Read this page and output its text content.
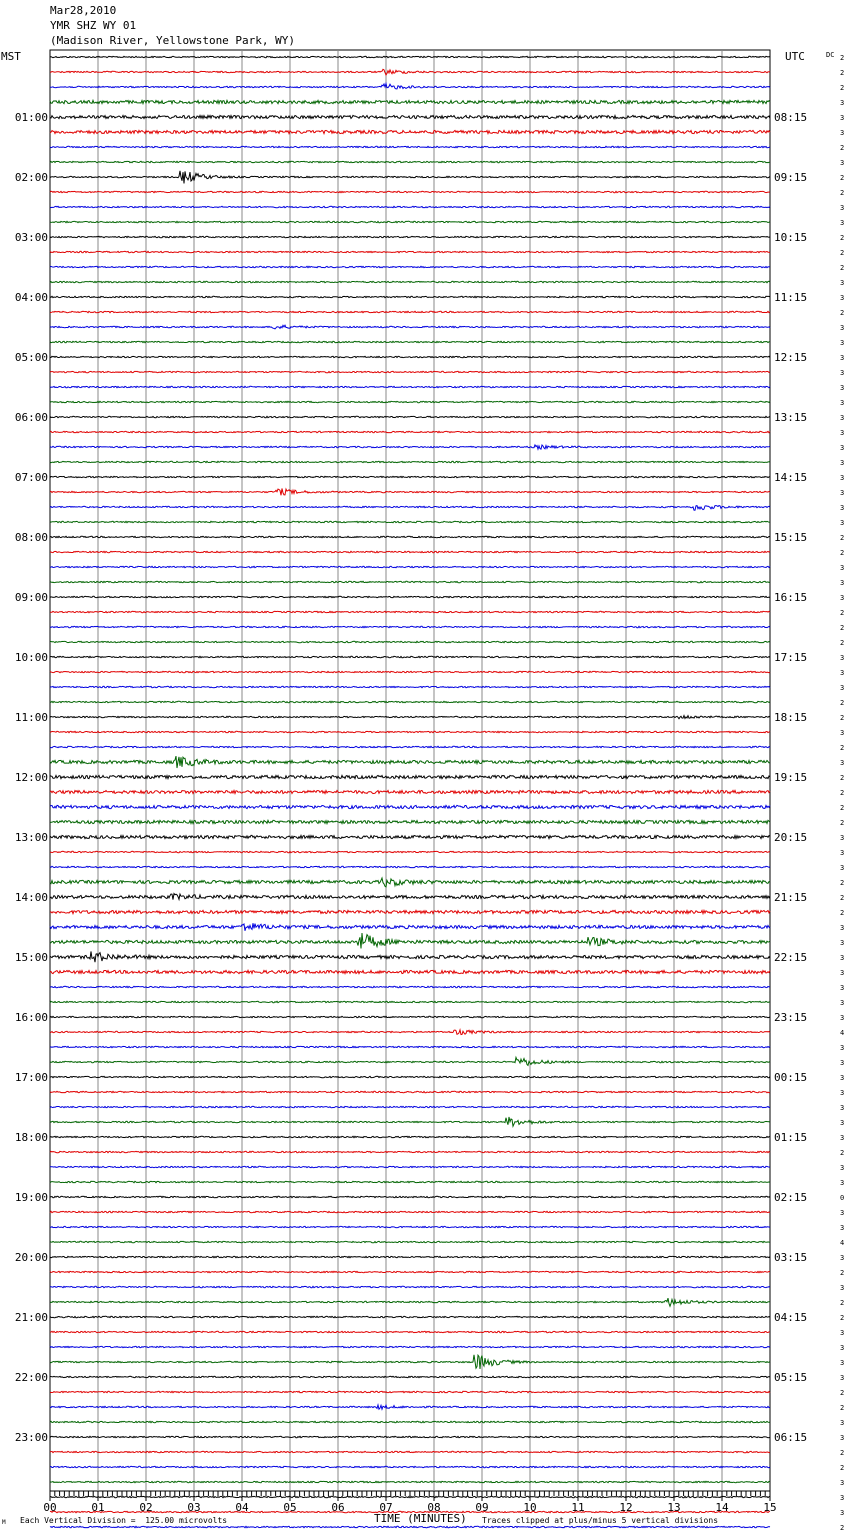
Mar28,2010
YMR SHZ WY 01
(Madison River, Yellowstone Park, WY)
MST	UTC	DC 2
2
2
3
3
3
2
3
2
2
3
3
2
2
2
3
3
2
3
3
3
3
3
3
3
3
3
3
3
3
3
3
2
2
3
3
3
2
2
2
3
3
3
2
2
3
2
3
2
2
2
2
3
3
3
2
2
2
3
3
3
3
3
3
3
4
3
3
3
3
3
3
3
2
3
3
0
3
3
4
3
2
3
2
2
3
3
3
3
2
2
3
3
2
2
3
3
3
2
01:00
02:00
03:00
04:00
05:00
06:00
07:00
08:00
09:00
10:00
11:00
12:00
13:00
14:00
15:00
16:00
17:00
18:00
19:00
20:00
21:00
22:00
23:00
08:15
09:15
10:15
11:15
12:15
13:15
14:15
15:15
16:15
17:15
18:15
19:15
20:15
21:15
22:15
23:15
00:15
01:15
02:15
03:15
04:15
05:15
06:15
00	01	02	03	04	05	06	07	08	09	10	11	12	13	14	15
Each Vertical Division =  125.00 microvolts	TIME (MINUTES) Traces clipped at plus/minus 5 vertical divisions
M
